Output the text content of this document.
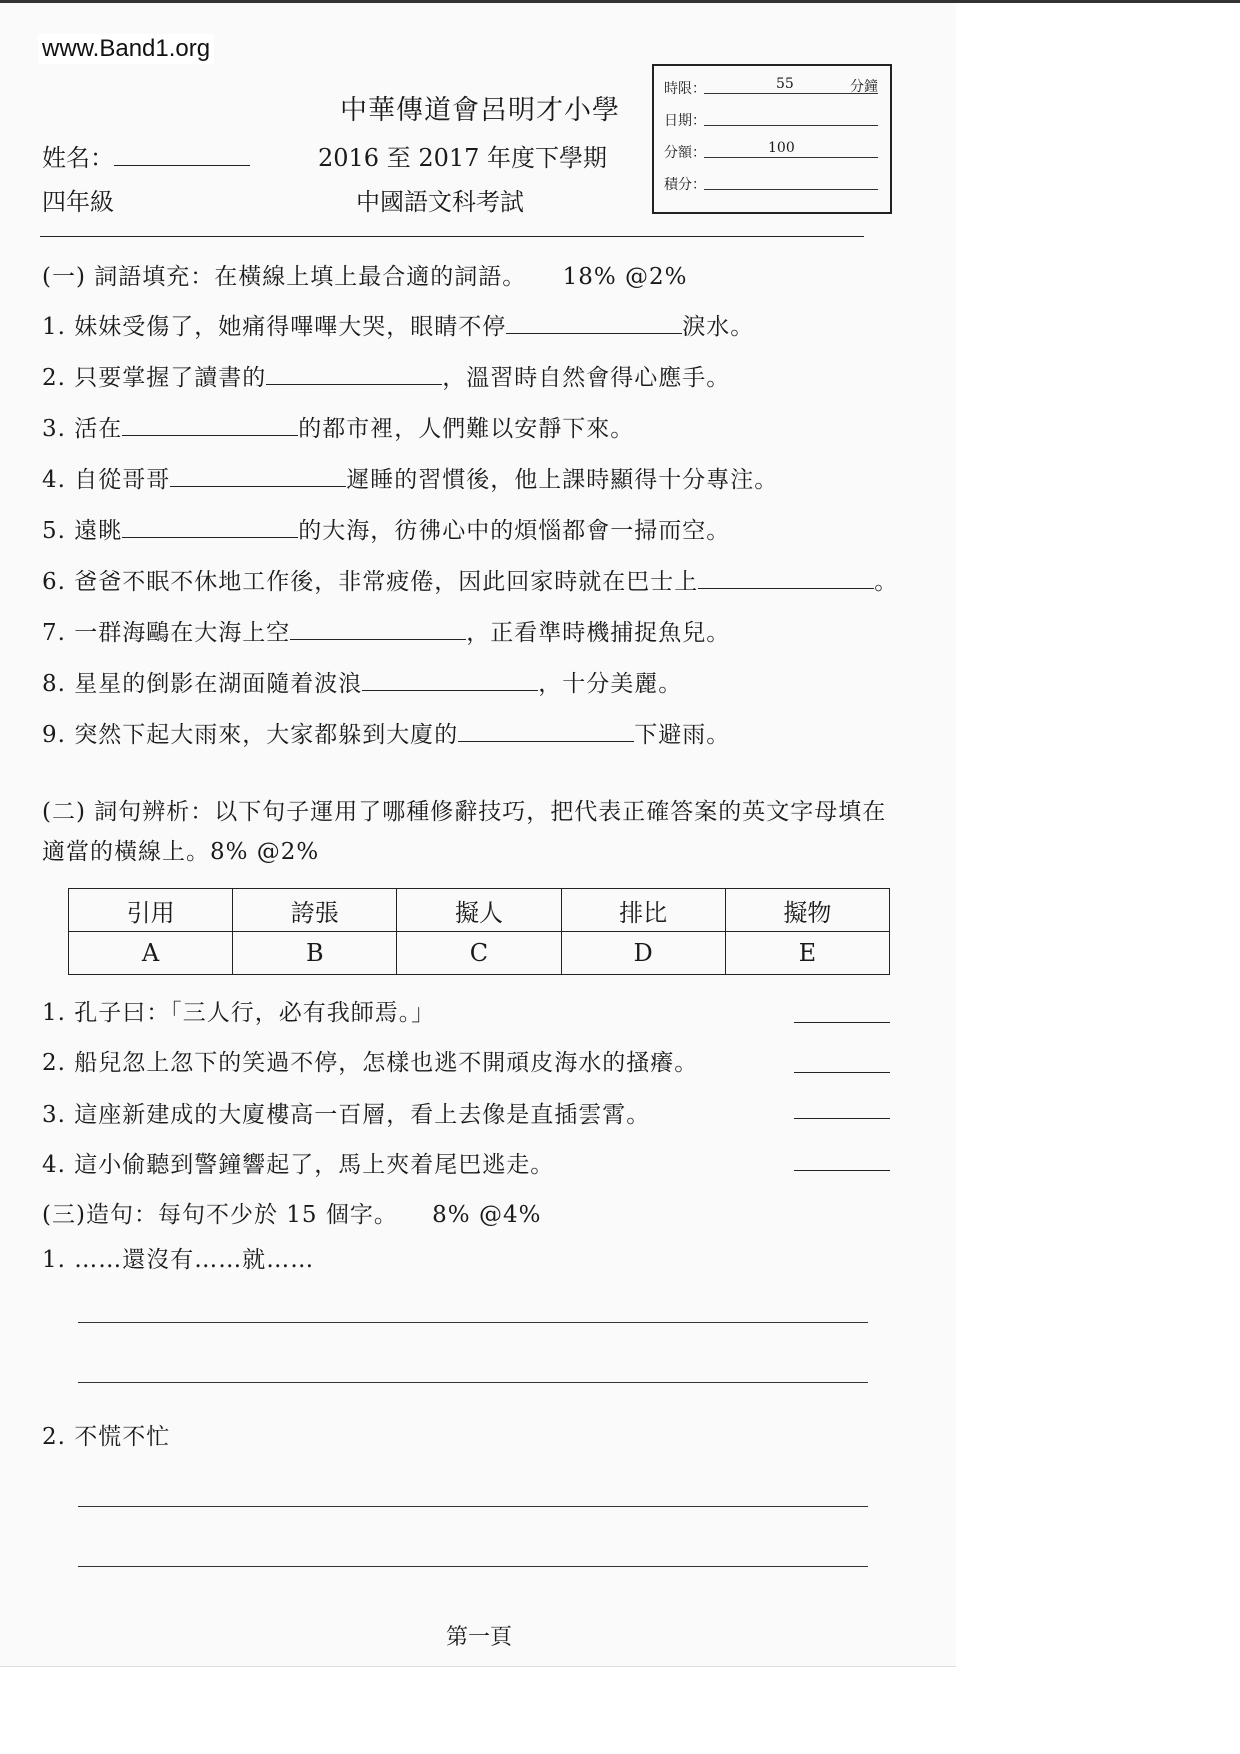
www.Band1.org
中華傳道會呂明才小學
姓名：	2016 至 2017 年度下學期
四年級	中國語文科考試
時限：	55	分鐘
日期：
分額：	100
積分：
(一) 詞語填充：在橫線上填上最合適的詞語。 18% @2%
1. 妹妹受傷了，她痛得嗶嗶大哭，眼睛不停	淚水。
2. 只要掌握了讀書的	，溫習時自然會得心應手。
3. 活在	的都市裡，人們難以安靜下來。
4. 自從哥哥	遲睡的習慣後，他上課時顯得十分專注。
5. 遠眺	的大海，彷彿心中的煩惱都會一掃而空。
6. 爸爸不眠不休地工作後，非常疲倦，因此回家時就在巴士上	。
7. 一群海鷗在大海上空	，正看準時機捕捉魚兒。
8. 星星的倒影在湖面隨着波浪	，十分美麗。
9. 突然下起大雨來，大家都躲到大廈的	下避雨。
(二) 詞句辨析：以下句子運用了哪種修辭技巧，把代表正確答案的英文字母填在
適當的橫線上。8% @2%
引用	誇張	擬人	排比	擬物
A	B	C	D	E
1. 孔子曰：「三人行，必有我師焉。」
2. 船兒忽上忽下的笑過不停，怎樣也逃不開頑皮海水的搔癢。
3. 這座新建成的大廈樓高一百層，看上去像是直插雲霄。
4. 這小偷聽到警鐘響起了，馬上夾着尾巴逃走。
(三)造句：每句不少於 15 個字。 8% @4%
1. ……還沒有……就……
2. 不慌不忙
第一頁
